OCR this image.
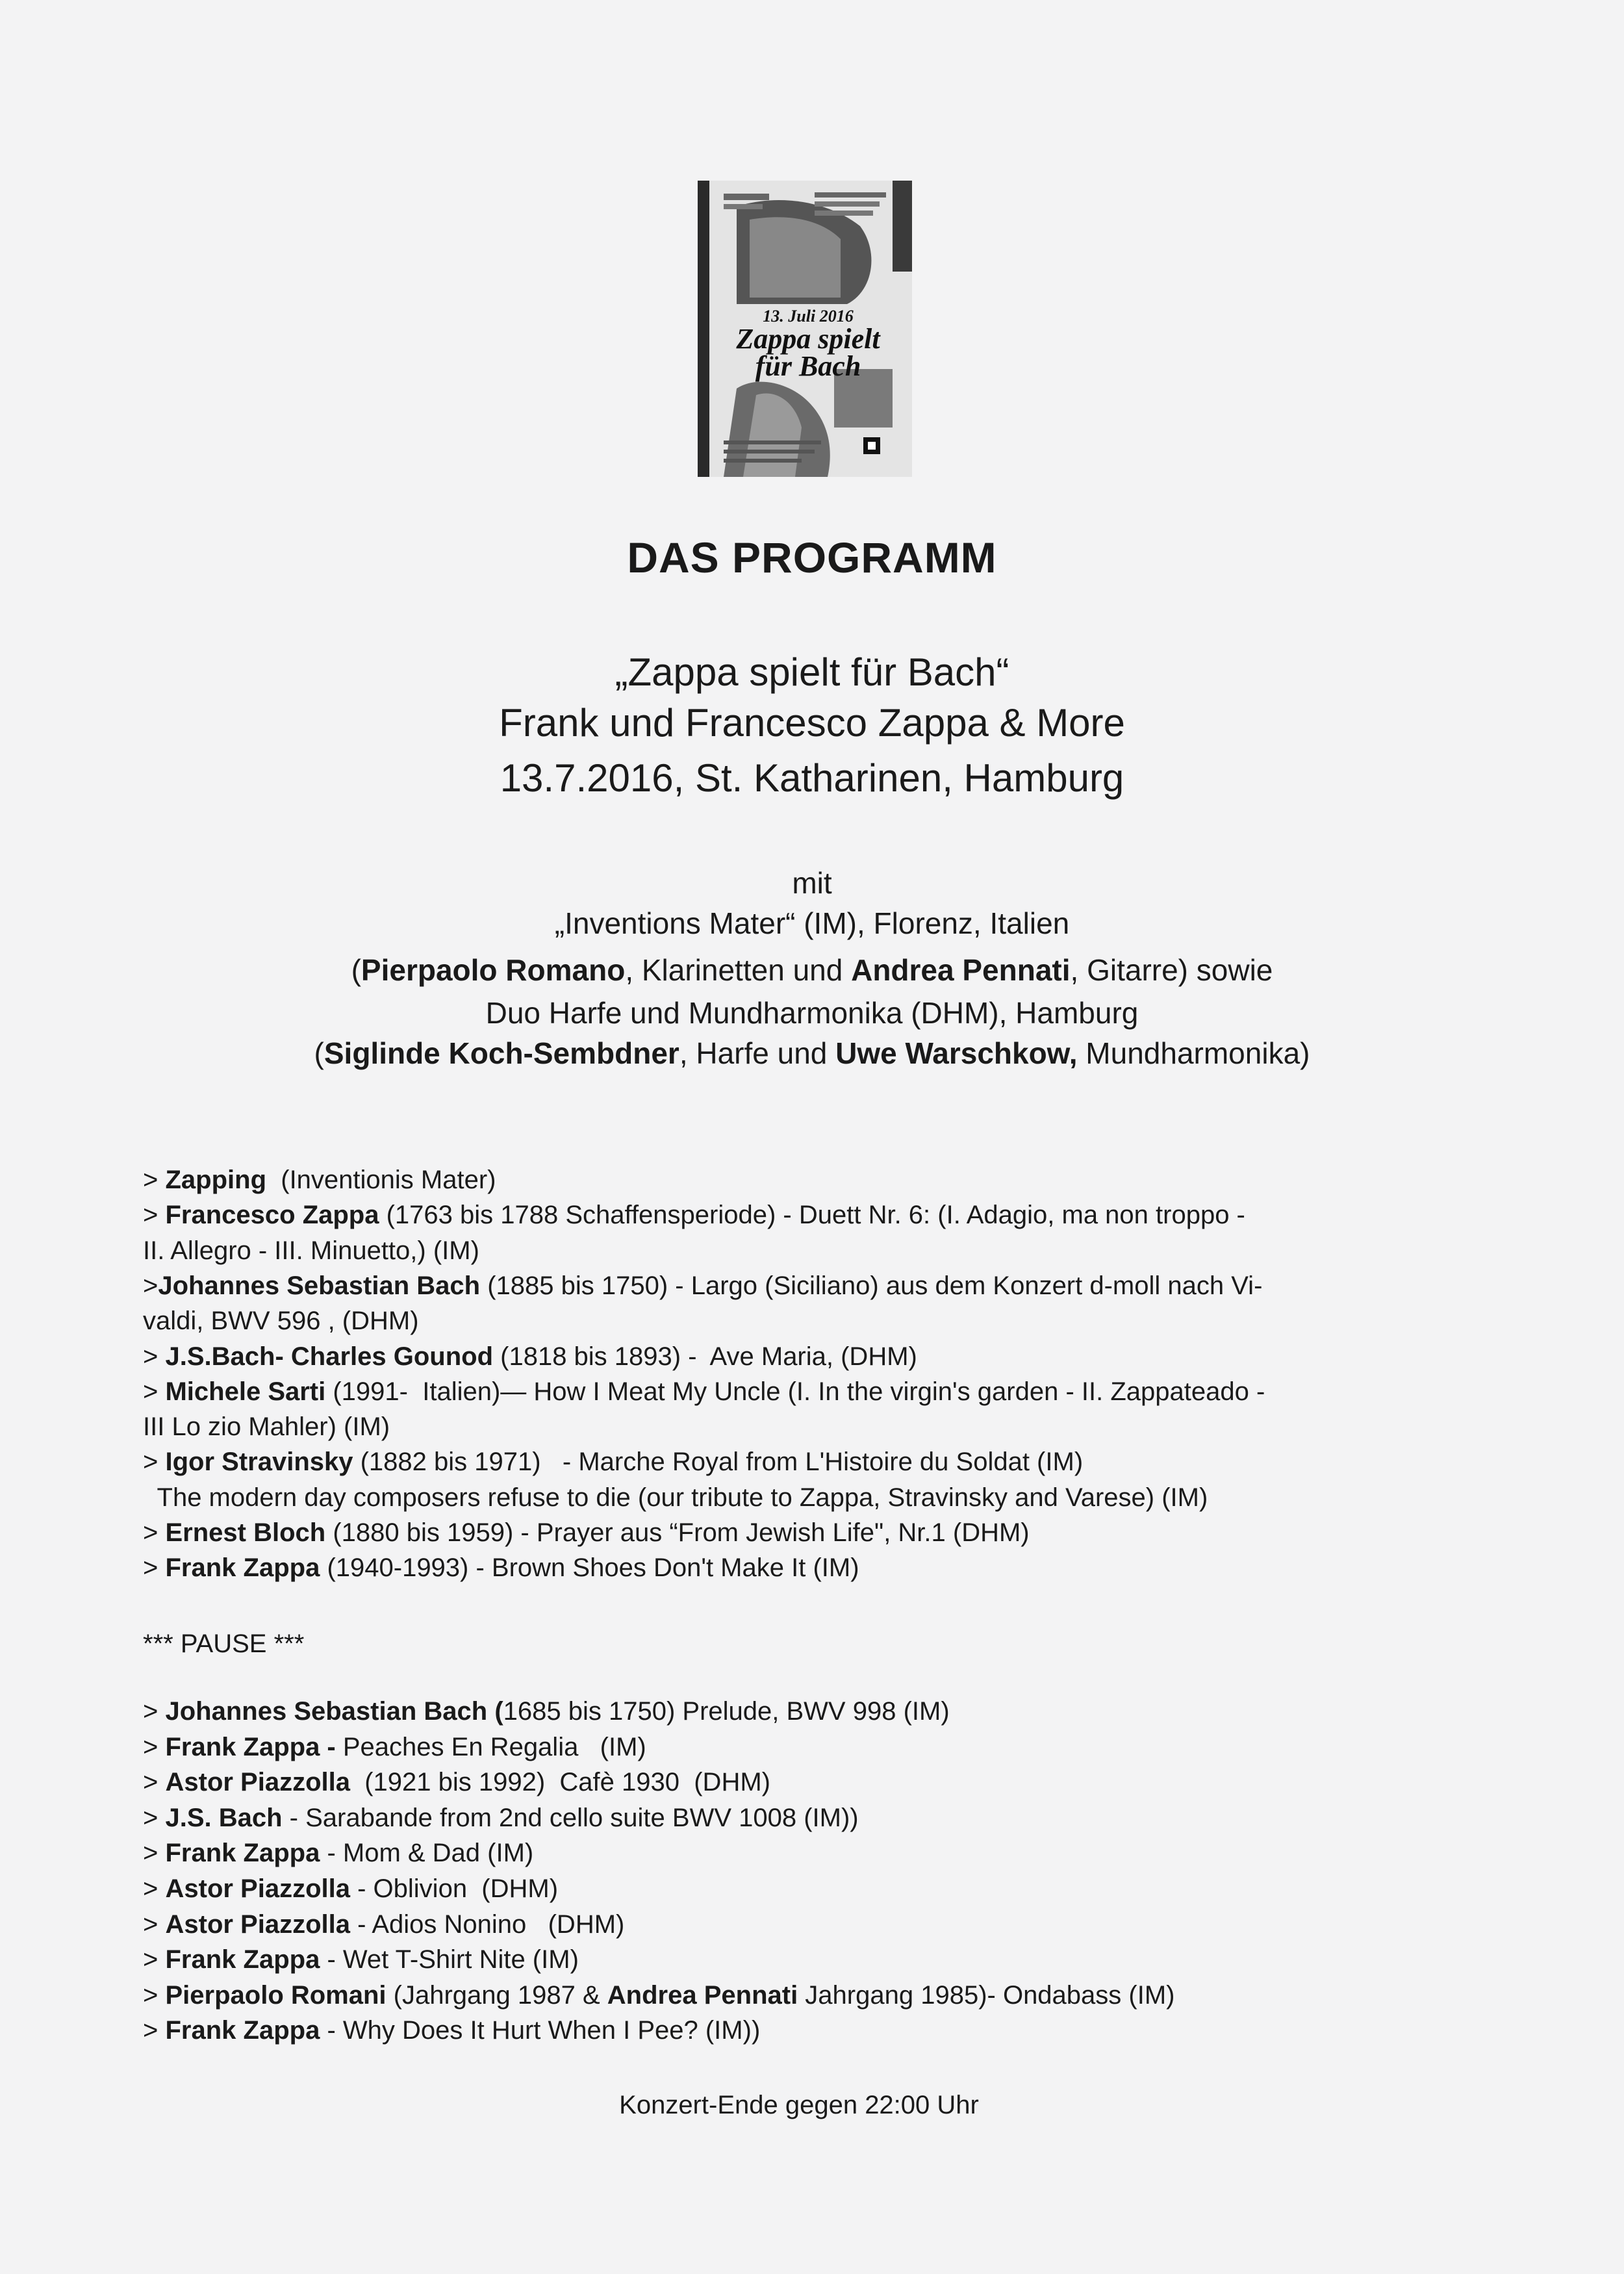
13. Juli 2016
Zappa spielt
für Bach
DAS PROGRAMM
„Zappa spielt für Bach“
Frank und Francesco Zappa & More
13.7.2016, St. Katharinen, Hamburg
mit
„Inventions Mater“ (IM), Florenz, Italien
(Pierpaolo Romano, Klarinetten und Andrea Pennati, Gitarre) sowie
Duo Harfe und Mundharmonika (DHM), Hamburg
(Siglinde Koch-Sembdner, Harfe und Uwe Warschkow, Mundharmonika)
> Zapping  (Inventionis Mater)
> Francesco Zappa (1763 bis 1788 Schaffensperiode) - Duett Nr. 6: (I. Adagio, ma non troppo -
II. Allegro - III. Minuetto,) (IM)
>Johannes Sebastian Bach (1885 bis 1750) - Largo (Siciliano) aus dem Konzert d-moll nach Vi-
valdi, BWV 596 , (DHM)
> J.S.Bach- Charles Gounod (1818 bis 1893) -  Ave Maria, (DHM)
> Michele Sarti (1991-  Italien)— How I Meat My Uncle (I. In the virgin's garden - II. Zappateado -
III Lo zio Mahler) (IM)
> Igor Stravinsky (1882 bis 1971)   - Marche Royal from L'Histoire du Soldat (IM)
The modern day composers refuse to die (our tribute to Zappa, Stravinsky and Varese) (IM)
> Ernest Bloch (1880 bis 1959) - Prayer aus “From Jewish Life", Nr.1 (DHM)
> Frank Zappa (1940-1993) - Brown Shoes Don't Make It (IM)
*** PAUSE ***
> Johannes Sebastian Bach (1685 bis 1750) Prelude, BWV 998 (IM)
> Frank Zappa - Peaches En Regalia   (IM)
> Astor Piazzolla  (1921 bis 1992)  Cafè 1930  (DHM)
> J.S. Bach - Sarabande from 2nd cello suite BWV 1008 (IM))
> Frank Zappa - Mom & Dad (IM)
> Astor Piazzolla - Oblivion  (DHM)
> Astor Piazzolla - Adios Nonino   (DHM)
> Frank Zappa - Wet T-Shirt Nite (IM)
> Pierpaolo Romani (Jahrgang 1987 & Andrea Pennati Jahrgang 1985)- Ondabass (IM)
> Frank Zappa - Why Does It Hurt When I Pee? (IM))
Konzert-Ende gegen 22:00 Uhr
